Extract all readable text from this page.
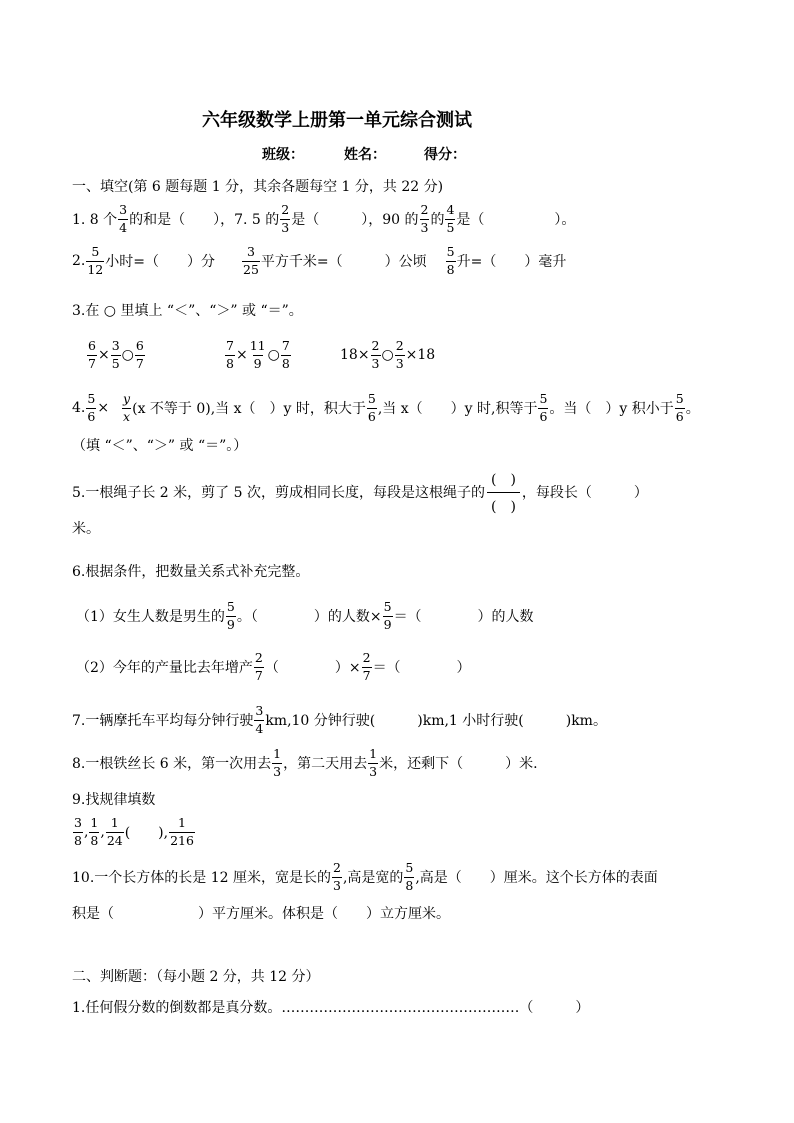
六年级数学上册第一单元综合测试
班级：	姓名：	得分：
一、填空(第 6 题每题 1 分，其余各题每空 1 分，共 22 分)
1. 8 个 $\frac{3}{4}$ 的和是（　　），7. 5 的 $\frac{2}{3}$ 是（　　　），90 的 $\frac{2}{3}$ 的 $\frac{4}{5}$ 是（　　　　　）。
2. $\frac{5}{12}$ 小时=（　　）分 $\frac{3}{25}$ 平方千米=（　　　）公顷 $\frac{5}{8}$ 升=（　　）毫升
3.在 ○ 里填上 “＜”、“＞” 或 “＝”。
$\frac{6}{7} \times \frac{3}{5}$ ○ $\frac{6}{7}$	$\frac{7}{8} \times \frac{11}{9}$ ○ $\frac{7}{8}$	$18\times \frac{2}{3}$ ○ $\frac{2}{3} \times 18$
4. $\frac{5}{6} \times \frac{y}{x} (x$ 不等于 0),当 x（　）y 时，积大于 $\frac{5}{6}$ ,当 x（　　）y 时,积等于 $\frac{5}{6}$ 。当（　）y 积小于 $\frac{5}{6}$ 。
（填 “＜”、“＞” 或 “＝”。）
5.一根绳子长 2 米，剪了 5 次，剪成相同长度，每段是这根绳子的
(　)
(　)
，每段长（　　　）
米。
6.根据条件，把数量关系式补充完整。
（1）女生人数是男生的 $\frac{5}{9}$ 。（　　　　）的人数× $\frac{5}{9}$ ＝（　　　　）的人数
（2）今年的产量比去年增产 $\frac{2}{7}$ （　　　　）× $\frac{2}{7}$ ＝（　　　　）
7.一辆摩托车平均每分钟行驶 $\frac{3}{4} km,10$ 分钟行驶(　　　)km,1 小时行驶(　　　)km。
8.一根铁丝长 6 米，第一次用去 $\frac{1}{3}$ ，第二天用去 $\frac{1}{3}$ 米，还剩下（　　　）米.
9.找规律填数
$\frac{3}{8}$ , $\frac{1}{8}$ , $\frac{1}{24}$ (　　), $\frac{1}{216}$
10.一个长方体的长是 12 厘米，宽是长的 $\frac{2}{3}$ ,高是宽的 $\frac{5}{8}$ ,高是（　　）厘米。这个长方体的表面
积是（　　　　　　）平方厘米。体积是（　　）立方厘米。
二、判断题：（每小题 2 分，共 12 分）
1.任何假分数的倒数都是真分数。……………………………………………（　　　）
